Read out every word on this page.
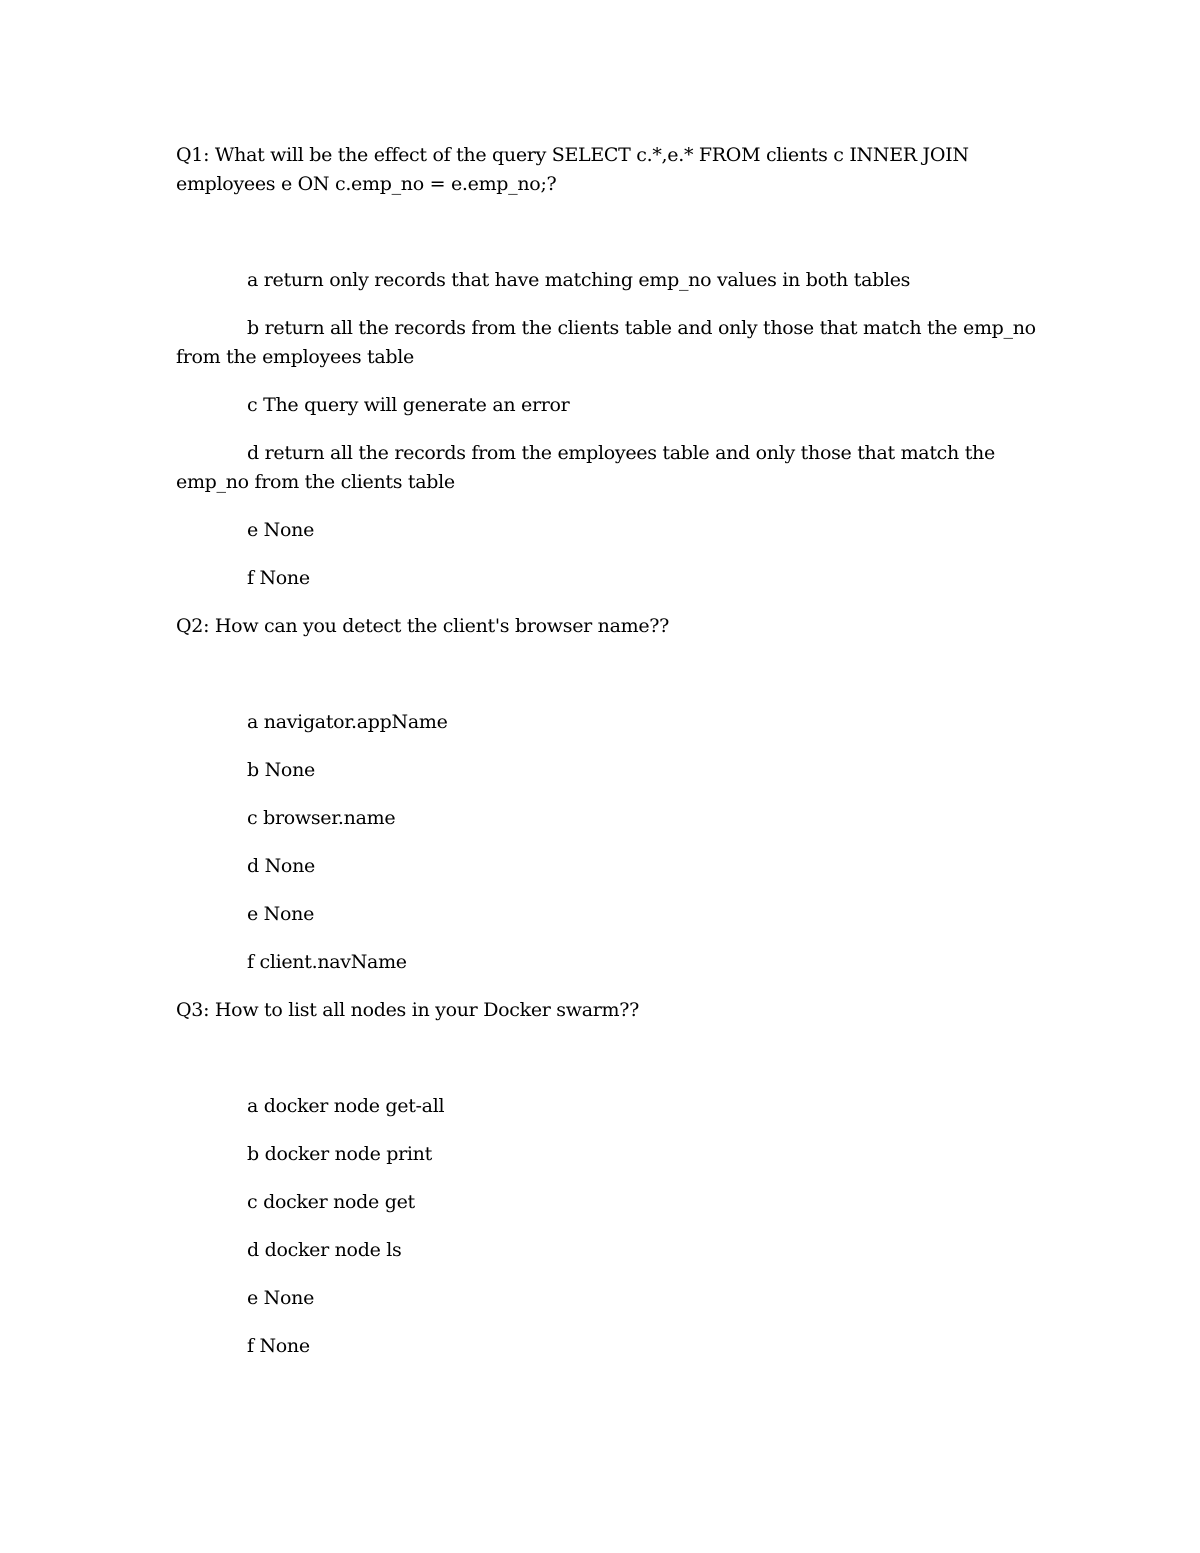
Q1: What will be the effect of the query SELECT c.*,e.* FROM clients c INNER JOIN employees e ON c.emp_no = e.emp_no;?

a return only records that have matching emp_no values in both tables

b return all the records from the clients table and only those that match the emp_no from the employees table

c The query will generate an error

d return all the records from the employees table and only those that match the emp_no from the clients table

e None

f None

Q2: How can you detect the client's browser name??

a navigator.appName

b None

c browser.name

d None

e None

f client.navName

Q3: How to list all nodes in your Docker swarm??

a docker node get-all

b docker node print

c docker node get

d docker node ls

e None

f None
